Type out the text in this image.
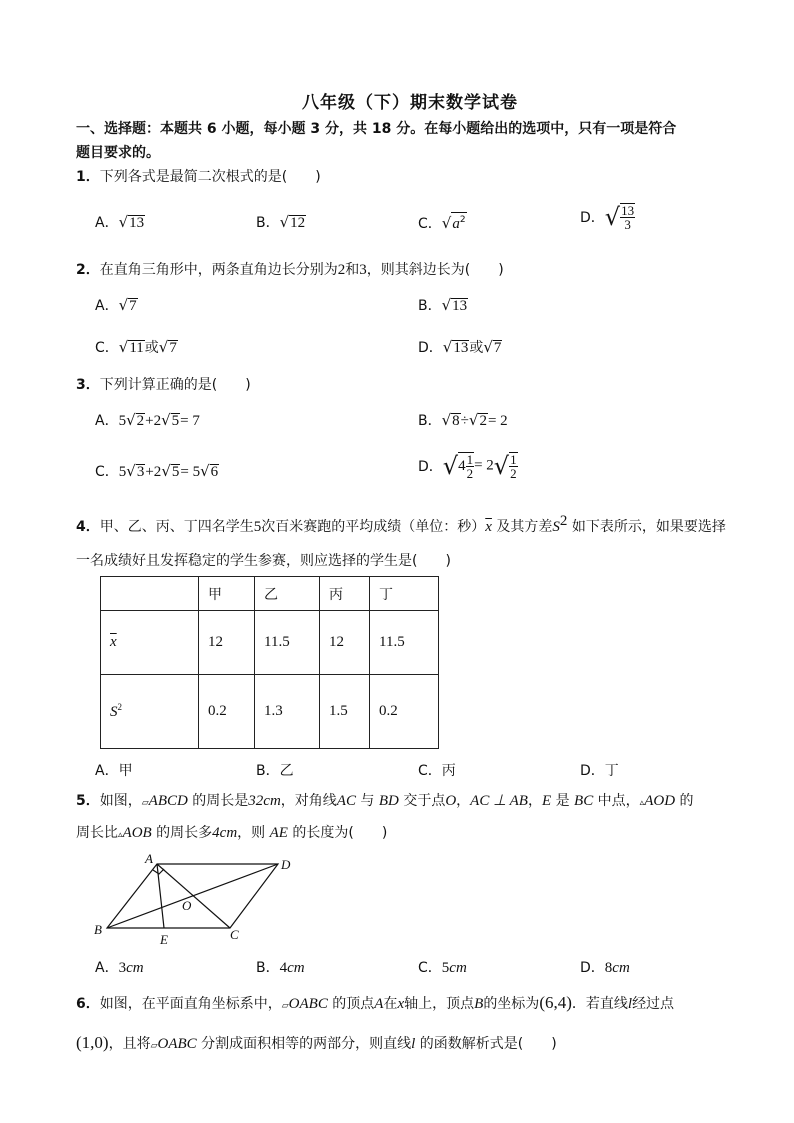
八年级（下）期末数学试卷
一、选择题：本题共 6 小题，每小题 3 分，共 18 分。在每小题给出的选项中，只有一项是符合
题目要求的。
1．下列各式是最简二次根式的是(　　)
A．√13	B．√12	C．$√a^2$	D．√ $\frac{13}{3}$
2．在直角三角形中，两条直角边长分别为2和3，则其斜边长为(　　)
A．√7	B．√13
C．√11或√7	D．√13或√7
3．下列计算正确的是(　　)
A．5√2+2√5= 7	B．√8÷√2= 2
C．5√3+2√5= 5√6	D．$√4 \frac{1}{2} = 2√ \frac{1}{2}$
4．甲、乙、丙、丁四名学生5次百米赛跑的平均成绩（单位：秒）$\overline{x}$ 及其方差$S^2$ 如下表所示，如果要选择
一名成绩好且发挥稳定的学生参赛，则应选择的学生是(　　)
	甲	乙	丙	丁
$\overline{x}$	12	11.5	12	11.5
$S^2$	0.2	1.3	1.5	0.2
A．甲	B．乙	C．丙	D．丁
5．如图，▱ABCD 的周长是32cm，对角线AC 与 BD 交于点O，AC ⊥ AB，E 是 BC 中点，▵AOD 的
周长比▵AOB 的周长多4cm，则 AE 的长度为(　　)
A	D
B	C
O
E
A．3cm	B．4cm	C．5cm	D．8cm
6．如图，在平面直角坐标系中，▱OABC 的顶点A在x轴上，顶点B的坐标为(6,4)．若直线l经过点
(1,0)，且将▱OABC 分割成面积相等的两部分，则直线l 的函数解析式是(　　)
